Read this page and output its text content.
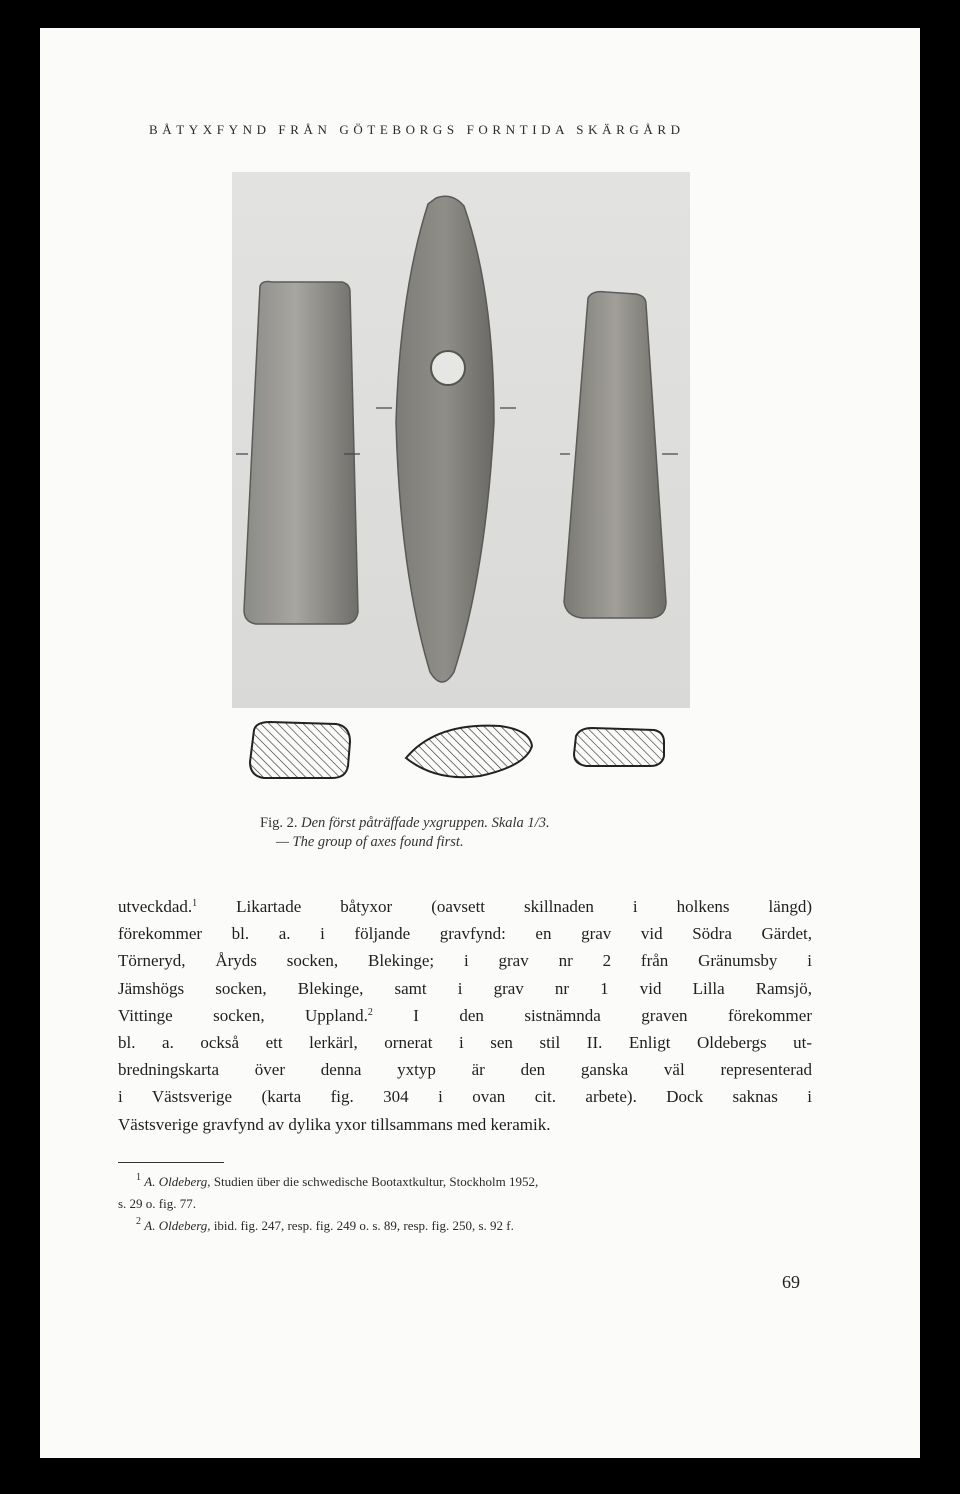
BÅTYXFYND FRÅN GÖTEBORGS FORNTIDA SKÄRGÅRD
Fig. 2. Den först påträffade yxgruppen. Skala 1/3.
— The group of axes found first.
utveckdad.$^1$ Likartade båtyxor (oavsett skillnaden i holkens längd)
förekommer bl. a. i följande gravfynd: en grav vid Södra Gärdet,
Törneryd, Åryds socken, Blekinge; i grav nr 2 från Gränumsby i
Jämshögs socken, Blekinge, samt i grav nr 1 vid Lilla Ramsjö,
Vittinge socken, Uppland.$^2$ I den sistnämnda graven förekommer
bl. a. också ett lerkärl, ornerat i sen stil II. Enligt Oldebergs ut-
bredningskarta över denna yxtyp är den ganska väl representerad
i Västsverige (karta fig. 304 i ovan cit. arbete). Dock saknas i
Västsverige gravfynd av dylika yxor tillsammans med keramik.
$^1$ A. Oldeberg, Studien über die schwedische Bootaxtkultur, Stockholm 1952,
s. 29 o. fig. 77.
$^2$ A. Oldeberg, ibid. fig. 247, resp. fig. 249 o. s. 89, resp. fig. 250, s. 92 f.
69
